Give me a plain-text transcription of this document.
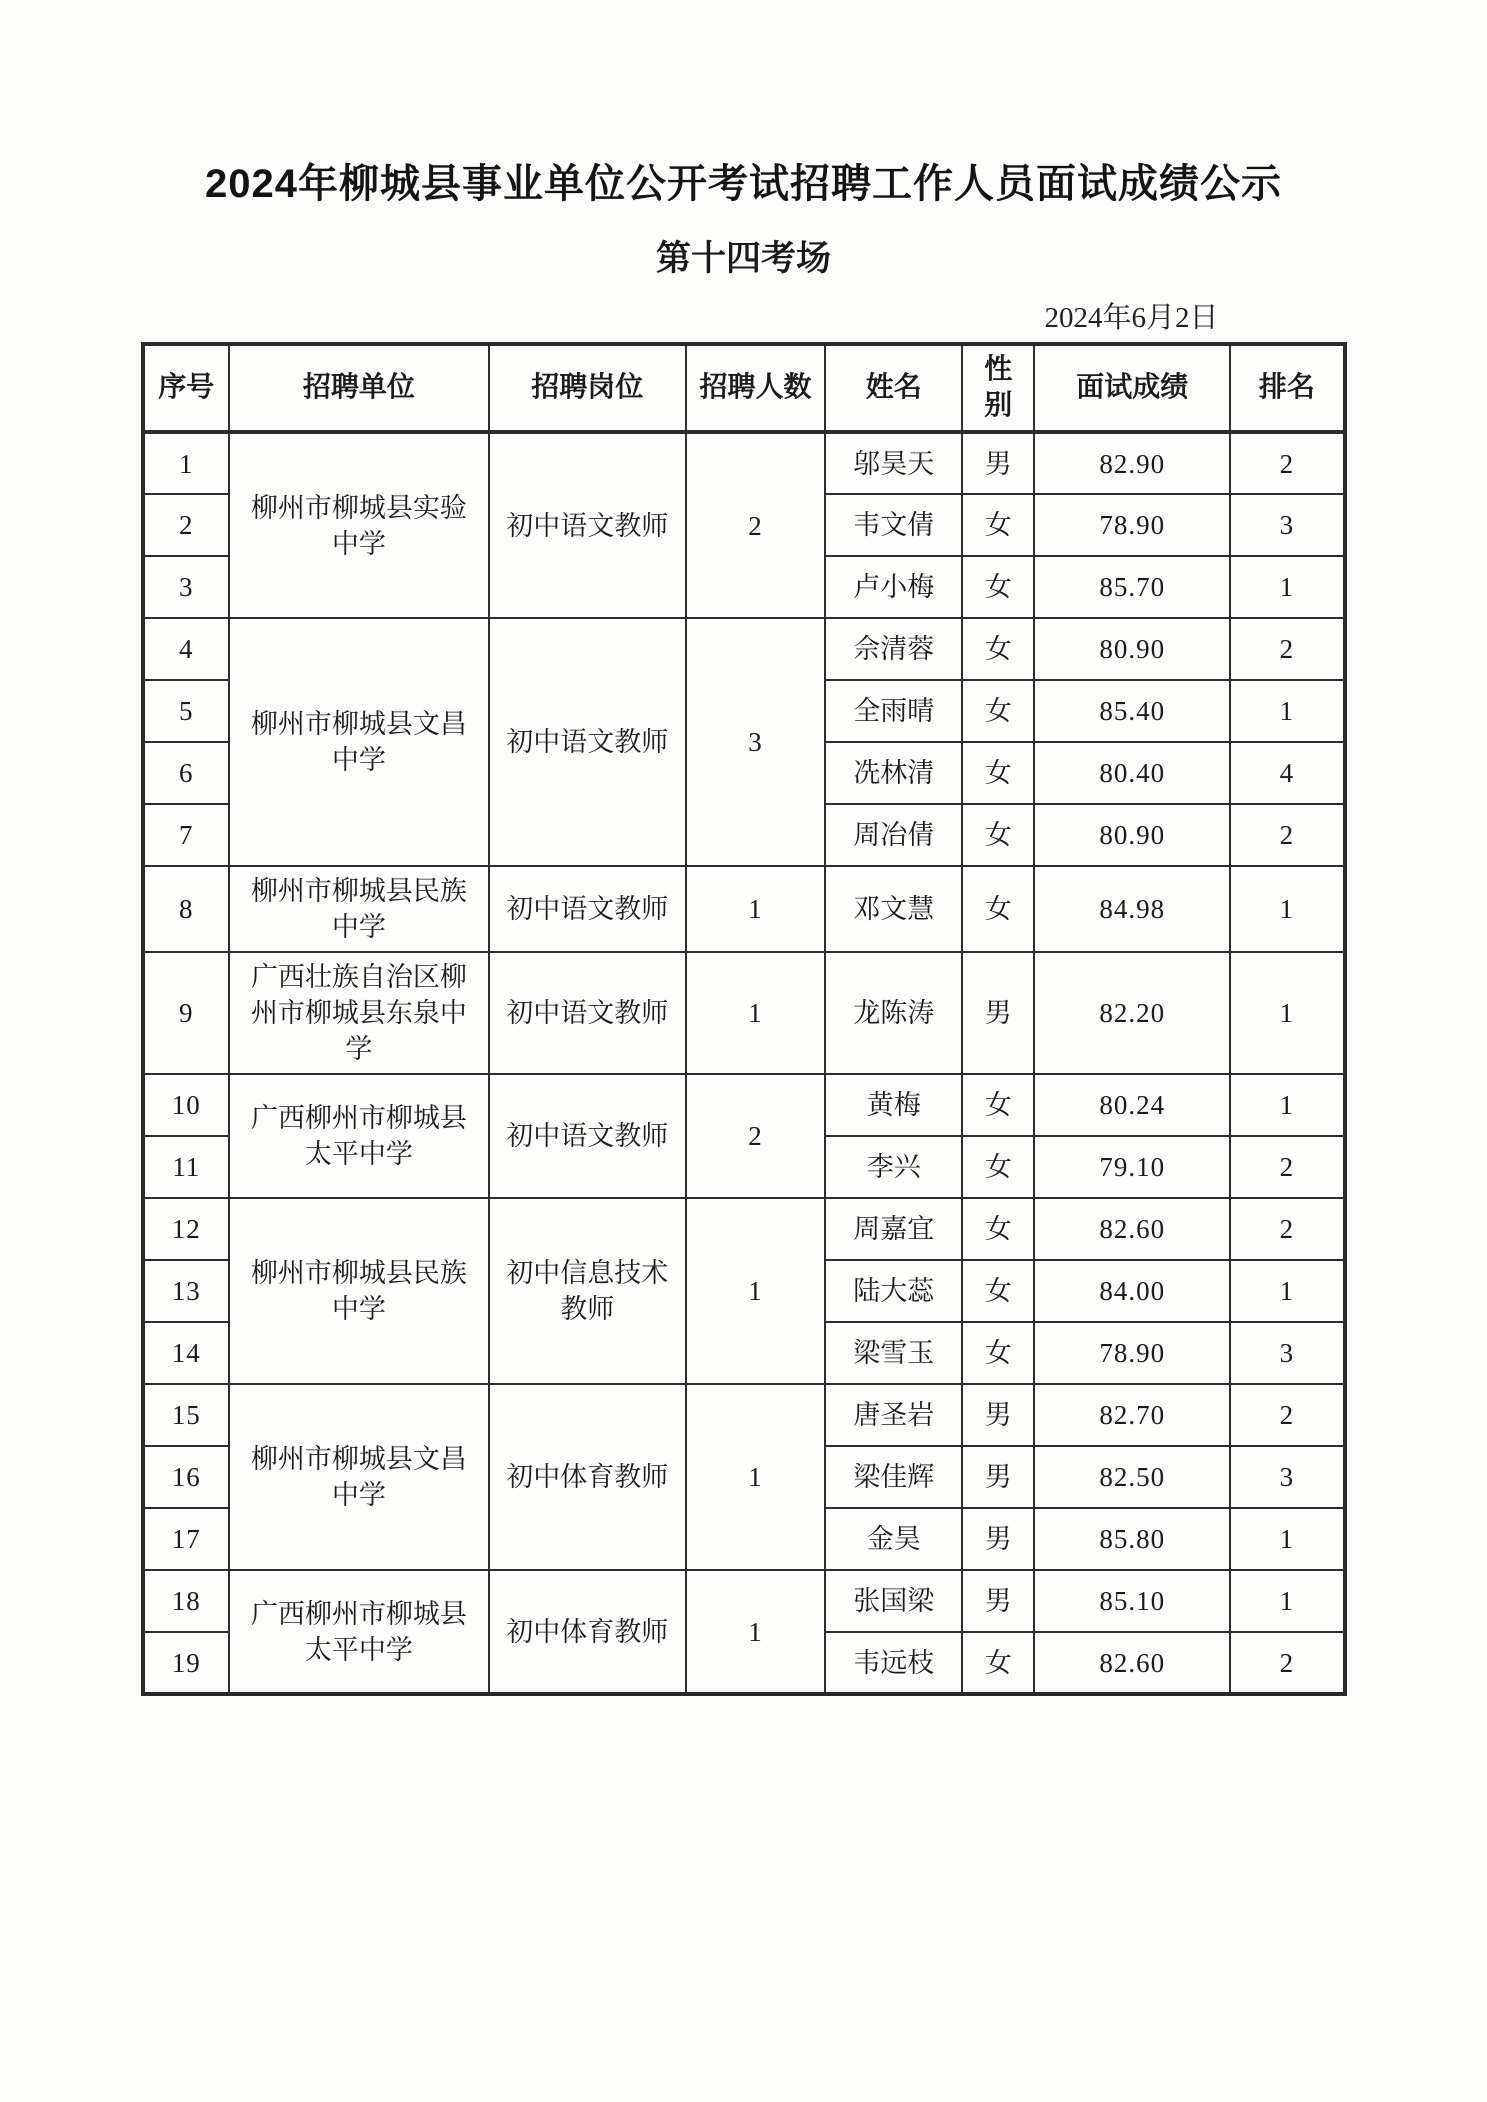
2024年柳城县事业单位公开考试招聘工作人员面试成绩公示
第十四考场
2024年6月2日
序号	招聘单位	招聘岗位	招聘人数	姓名	性别	面试成绩	排名
1	柳州市柳城县实验中学	初中语文教师	2	邬昊天	男	82.90	2
2				韦文倩	女	78.90	3
3				卢小梅	女	85.70	1
4	柳州市柳城县文昌中学	初中语文教师	3	佘清蓉	女	80.90	2
5				全雨晴	女	85.40	1
6				冼林清	女	80.40	4
7				周冶倩	女	80.90	2
8	柳州市柳城县民族中学	初中语文教师	1	邓文慧	女	84.98	1
9	广西壮族自治区柳州市柳城县东泉中学	初中语文教师	1	龙陈涛	男	82.20	1
10	广西柳州市柳城县太平中学	初中语文教师	2	黄梅	女	80.24	1
11				李兴	女	79.10	2
12	柳州市柳城县民族中学	初中信息技术教师	1	周嘉宜	女	82.60	2
13				陆大蕊	女	84.00	1
14				梁雪玉	女	78.90	3
15	柳州市柳城县文昌中学	初中体育教师	1	唐圣岩	男	82.70	2
16				梁佳辉	男	82.50	3
17				金昊	男	85.80	1
18	广西柳州市柳城县太平中学	初中体育教师	1	张国梁	男	85.10	1
19				韦远枝	女	82.60	2
